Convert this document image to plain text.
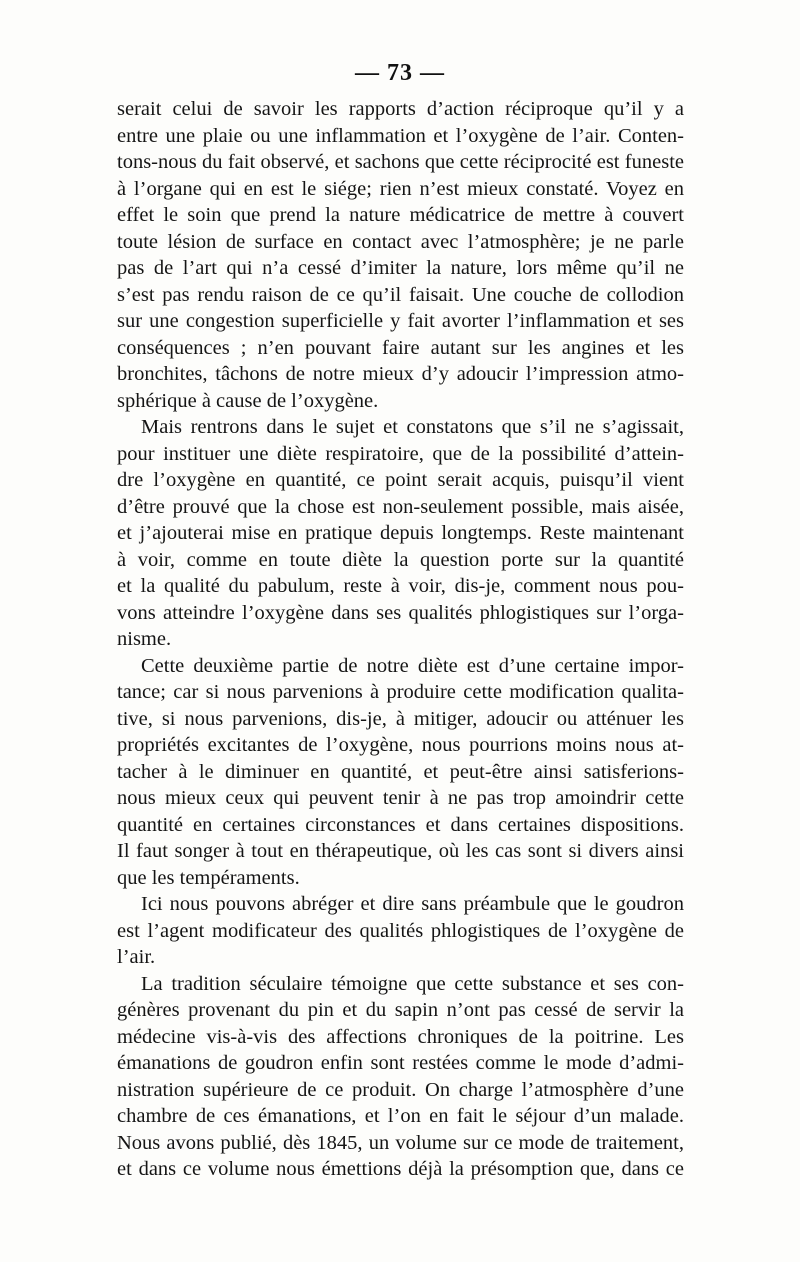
— 73 —
serait celui de savoir les rapports d’action réciproque qu’il y a
entre une plaie ou une inflammation et l’oxygène de l’air. Conten-
tons-nous du fait observé, et sachons que cette réciprocité est funeste
à l’organe qui en est le siége; rien n’est mieux constaté. Voyez en
effet le soin que prend la nature médicatrice de mettre à couvert
toute lésion de surface en contact avec l’atmosphère; je ne parle
pas de l’art qui n’a cessé d’imiter la nature, lors même qu’il ne
s’est pas rendu raison de ce qu’il faisait. Une couche de collodion
sur une congestion superficielle y fait avorter l’inflammation et ses
conséquences ; n’en pouvant faire autant sur les angines et les
bronchites, tâchons de notre mieux d’y adoucir l’impression atmo-
sphérique à cause de l’oxygène.
Mais rentrons dans le sujet et constatons que s’il ne s’agissait,
pour instituer une diète respiratoire, que de la possibilité d’attein-
dre l’oxygène en quantité, ce point serait acquis, puisqu’il vient
d’être prouvé que la chose est non-seulement possible, mais aisée,
et j’ajouterai mise en pratique depuis longtemps. Reste maintenant
à voir, comme en toute diète la question porte sur la quantité
et la qualité du pabulum, reste à voir, dis-je, comment nous pou-
vons atteindre l’oxygène dans ses qualités phlogistiques sur l’orga-
nisme.
Cette deuxième partie de notre diète est d’une certaine impor-
tance; car si nous parvenions à produire cette modification qualita-
tive, si nous parvenions, dis-je, à mitiger, adoucir ou atténuer les
propriétés excitantes de l’oxygène, nous pourrions moins nous at-
tacher à le diminuer en quantité, et peut-être ainsi satisferions-
nous mieux ceux qui peuvent tenir à ne pas trop amoindrir cette
quantité en certaines circonstances et dans certaines dispositions.
Il faut songer à tout en thérapeutique, où les cas sont si divers ainsi
que les tempéraments.
Ici nous pouvons abréger et dire sans préambule que le goudron
est l’agent modificateur des qualités phlogistiques de l’oxygène de
l’air.
La tradition séculaire témoigne que cette substance et ses con-
génères provenant du pin et du sapin n’ont pas cessé de servir la
médecine vis-à-vis des affections chroniques de la poitrine. Les
émanations de goudron enfin sont restées comme le mode d’admi-
nistration supérieure de ce produit. On charge l’atmosphère d’une
chambre de ces émanations, et l’on en fait le séjour d’un malade.
Nous avons publié, dès 1845, un volume sur ce mode de traitement,
et dans ce volume nous émettions déjà la présomption que, dans ce
